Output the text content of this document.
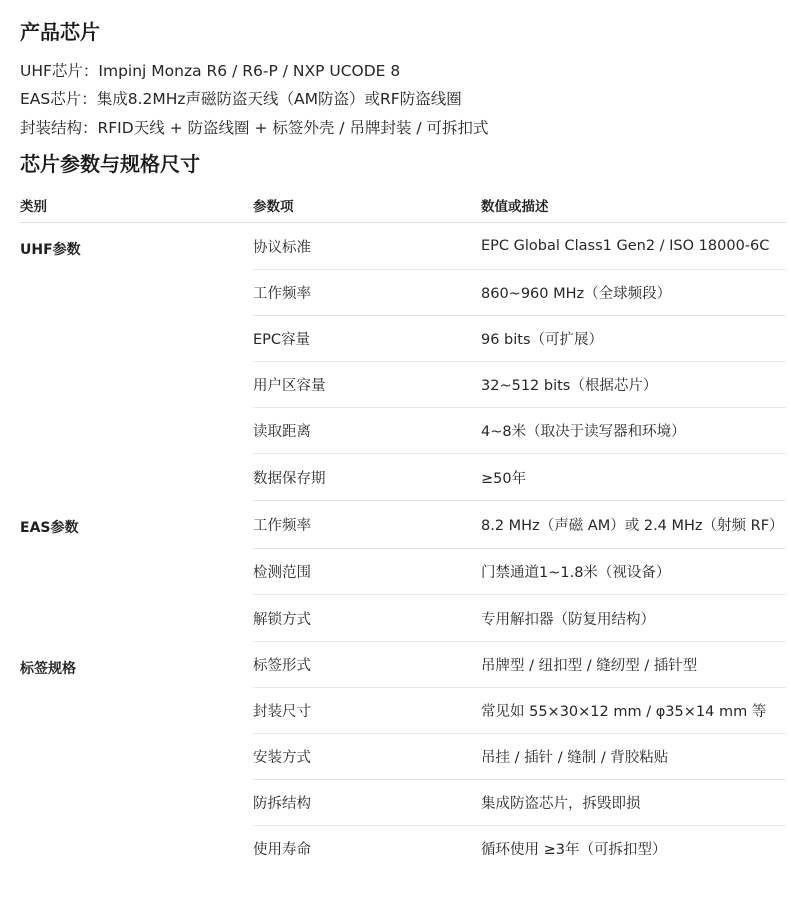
产品芯片

UHF芯片：Impinj Monza R6 / R6-P / NXP UCODE 8

EAS芯片：集成8.2MHz声磁防盗天线（AM防盗）或RF防盗线圈

封装结构：RFID天线 + 防盗线圈 + 标签外壳 / 吊牌封装 / 可拆扣式

芯片参数与规格尺寸
类别	参数项	数值或描述
UHF参数	协议标准	EPC Global Class1 Gen2 / ISO 18000-6C
	工作频率	860~960 MHz（全球频段）
	EPC容量	96 bits（可扩展）
	用户区容量	32~512 bits（根据芯片）
	读取距离	4~8米（取决于读写器和环境）
	数据保存期	≥50年
EAS参数	工作频率	8.2 MHz（声磁 AM）或 2.4 MHz（射频 RF）
	检测范围	门禁通道1~1.8米（视设备）
	解锁方式	专用解扣器（防复用结构）
标签规格	标签形式	吊牌型 / 纽扣型 / 缝纫型 / 插针型
	封装尺寸	常见如 55×30×12 mm / φ35×14 mm 等
	安装方式	吊挂 / 插针 / 缝制 / 背胶粘贴
	防拆结构	集成防盗芯片，拆毁即损
	使用寿命	循环使用 ≥3年（可拆扣型）
